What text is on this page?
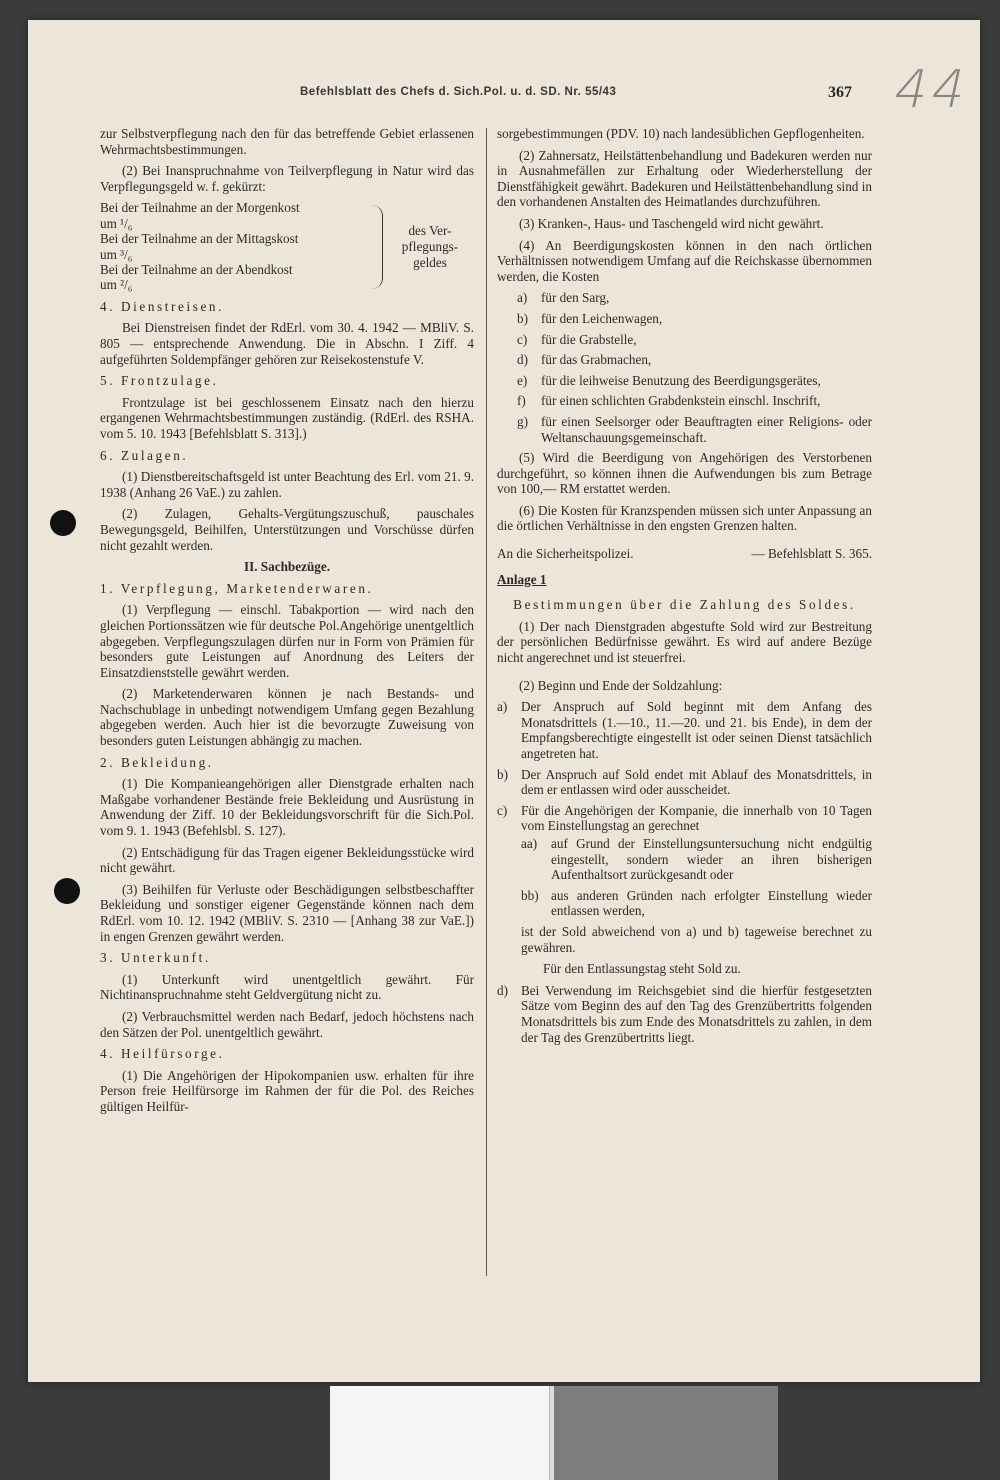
Befehlsblatt des Chefs d. Sich.Pol. u. d. SD. Nr. 55/43	367 44

zur Selbstverpflegung nach den für das betreffende Gebiet erlassenen Wehrmachtsbestimmungen.

(2) Bei Inanspruchnahme von Teilverpflegung in Natur wird das Verpflegungsgeld w. f. gekürzt:

Bei der Teilnahme an der Morgenkost
um ¹/₆
Bei der Teilnahme an der Mittagskost
um ³/₆
Bei der Teilnahme an der Abendkost
um ²/₆
des Ver- pflegungs- geldes

4. Dienstreisen.

Bei Dienstreisen findet der RdErl. vom 30. 4. 1942 — MBliV. S. 805 — entsprechende Anwendung. Die in Abschn. I Ziff. 4 aufgeführten Soldempfänger gehören zur Reisekostenstufe V.

5. Frontzulage.

Frontzulage ist bei geschlossenem Einsatz nach den hierzu ergangenen Wehrmachtsbestimmungen zuständig. (RdErl. des RSHA. vom 5. 10. 1943 [Befehlsblatt S. 313].)

6. Zulagen.

(1) Dienstbereitschaftsgeld ist unter Beachtung des Erl. vom 21. 9. 1938 (Anhang 26 VaE.) zu zahlen.

(2) Zulagen, Gehalts-Vergütungszuschuß, pauschales Bewegungsgeld, Beihilfen, Unterstützungen und Vorschüsse dürfen nicht gezahlt werden.

II. Sachbezüge.

1. Verpflegung, Marketenderwaren.

(1) Verpflegung — einschl. Tabakportion — wird nach den gleichen Portionssätzen wie für deutsche Pol.Angehörige unentgeltlich abgegeben. Verpflegungszulagen dürfen nur in Form von Prämien für besonders gute Leistungen auf Anordnung des Leiters der Einsatzdienststelle gewährt werden.

(2) Marketenderwaren können je nach Bestands- und Nachschublage in unbedingt notwendigem Umfang gegen Bezahlung abgegeben werden. Auch hier ist die bevorzugte Zuweisung von besonders guten Leistungen abhängig zu machen.

2. Bekleidung.

(1) Die Kompanieangehörigen aller Dienstgrade erhalten nach Maßgabe vorhandener Bestände freie Bekleidung und Ausrüstung in Anwendung der Ziff. 10 der Bekleidungsvorschrift für die Sich.Pol. vom 9. 1. 1943 (Befehlsbl. S. 127).

(2) Entschädigung für das Tragen eigener Bekleidungsstücke wird nicht gewährt.

(3) Beihilfen für Verluste oder Beschädigungen selbstbeschaffter Bekleidung und sonstiger eigener Gegenstände können nach dem RdErl. vom 10. 12. 1942 (MBliV. S. 2310 — [Anhang 38 zur VaE.]) in engen Grenzen gewährt werden.

3. Unterkunft.

(1) Unterkunft wird unentgeltlich gewährt. Für Nichtinanspruchnahme steht Geldvergütung nicht zu.

(2) Verbrauchsmittel werden nach Bedarf, jedoch höchstens nach den Sätzen der Pol. unentgeltlich gewährt.

4. Heilfürsorge.

(1) Die Angehörigen der Hipokompanien usw. erhalten für ihre Person freie Heilfürsorge im Rahmen der für die Pol. des Reiches gültigen Heilfür-

sorgebestimmungen (PDV. 10) nach landesüblichen Gepflogenheiten.

(2) Zahnersatz, Heilstättenbehandlung und Badekuren werden nur in Ausnahmefällen zur Erhaltung oder Wiederherstellung der Dienstfähigkeit gewährt. Badekuren und Heilstättenbehandlung sind in den vorhandenen Anstalten des Heimatlandes durchzuführen.

(3) Kranken-, Haus- und Taschengeld wird nicht gewährt.

(4) An Beerdigungskosten können in den nach örtlichen Verhältnissen notwendigem Umfang auf die Reichskasse übernommen werden, die Kosten

a)	für den Sarg,

b) für den Leichenwagen,

c)	für die Grabstelle,

d) für das Grabmachen,

e)	für die leihweise Benutzung des Beerdigungsgerätes,

f)	für einen schlichten Grabdenkstein einschl. Inschrift,

g) für einen Seelsorger oder Beauftragten einer Religions- oder Weltanschauungsgemeinschaft.

(5) Wird die Beerdigung von Angehörigen des Verstorbenen durchgeführt, so können ihnen die Aufwendungen bis zum Betrage von 100,— RM erstattet werden.

(6) Die Kosten für Kranzspenden müssen sich unter Anpassung an die örtlichen Verhältnisse in den engsten Grenzen halten.

An die Sicherheitspolizei.	— Befehlsblatt S. 365.

Anlage 1

Bestimmungen über die Zahlung des Soldes.

(1) Der nach Dienstgraden abgestufte Sold wird zur Bestreitung der persönlichen Bedürfnisse gewährt. Es wird auf andere Bezüge nicht angerechnet und ist steuerfrei.

(2) Beginn und Ende der Soldzahlung:

a)	Der Anspruch auf Sold beginnt mit dem Anfang des Monatsdrittels (1.—10., 11.—20. und 21. bis Ende), in dem der Empfangsberechtigte eingestellt ist oder seinen Dienst tatsächlich angetreten hat.

b) Der Anspruch auf Sold endet mit Ablauf des Monatsdrittels, in dem er entlassen wird oder ausscheidet.

c)	Für die Angehörigen der Kompanie, die innerhalb von 10 Tagen vom Einstellungstag an gerechnet

aa)	auf Grund der Einstellungsuntersuchung nicht endgültig eingestellt, sondern wieder an ihren bisherigen Aufenthaltsort zurückgesandt oder

bb) aus anderen Gründen nach erfolgter Einstellung wieder entlassen werden,

ist der Sold abweichend von a) und b) tageweise berechnet zu gewähren.

Für den Entlassungstag steht Sold zu.

d) Bei Verwendung im Reichsgebiet sind die hierfür festgesetzten Sätze vom Beginn des auf den Tag des Grenzübertritts folgenden Monatsdrittels bis zum Ende des Monatsdrittels zu zahlen, in dem der Tag des Grenzübertritts liegt.
